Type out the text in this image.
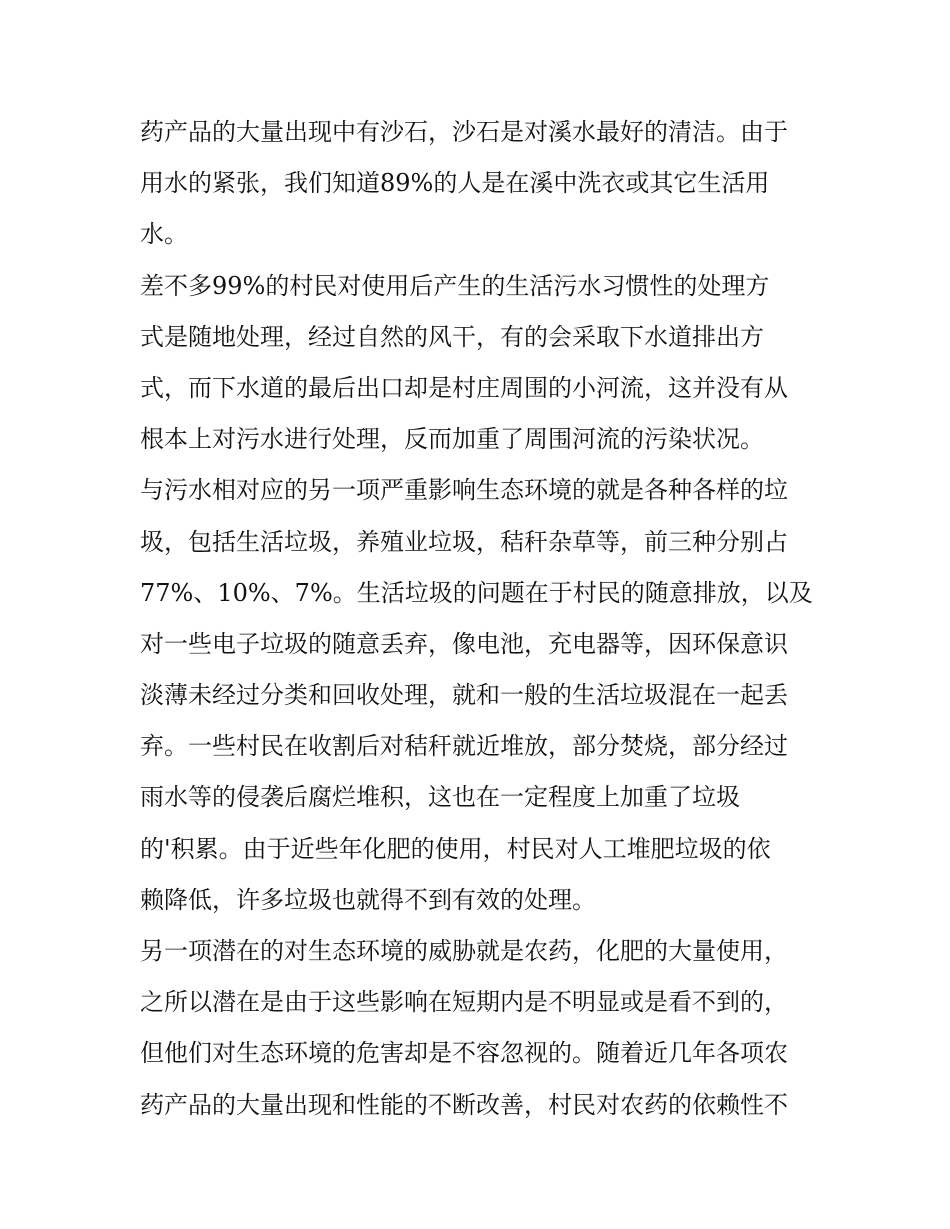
药产品的大量出现中有沙石，沙石是对溪水最好的清洁。由于
用水的紧张，我们知道89%的人是在溪中洗衣或其它生活用
水。
差不多99%的村民对使用后产生的生活污水习惯性的处理方
式是随地处理，经过自然的风干，有的会采取下水道排出方
式，而下水道的最后出口却是村庄周围的小河流，这并没有从
根本上对污水进行处理，反而加重了周围河流的污染状况。
与污水相对应的另一项严重影响生态环境的就是各种各样的垃
圾，包括生活垃圾，养殖业垃圾，秸秆杂草等，前三种分别占
77%、10%、7%。生活垃圾的问题在于村民的随意排放，以及
对一些电子垃圾的随意丢弃，像电池，充电器等，因环保意识
淡薄未经过分类和回收处理，就和一般的生活垃圾混在一起丢
弃。一些村民在收割后对秸秆就近堆放，部分焚烧，部分经过
雨水等的侵袭后腐烂堆积，这也在一定程度上加重了垃圾
的'积累。由于近些年化肥的使用，村民对人工堆肥垃圾的依
赖降低，许多垃圾也就得不到有效的处理。
另一项潜在的对生态环境的威胁就是农药，化肥的大量使用，
之所以潜在是由于这些影响在短期内是不明显或是看不到的，
但他们对生态环境的危害却是不容忽视的。随着近几年各项农
药产品的大量出现和性能的不断改善，村民对农药的依赖性不
